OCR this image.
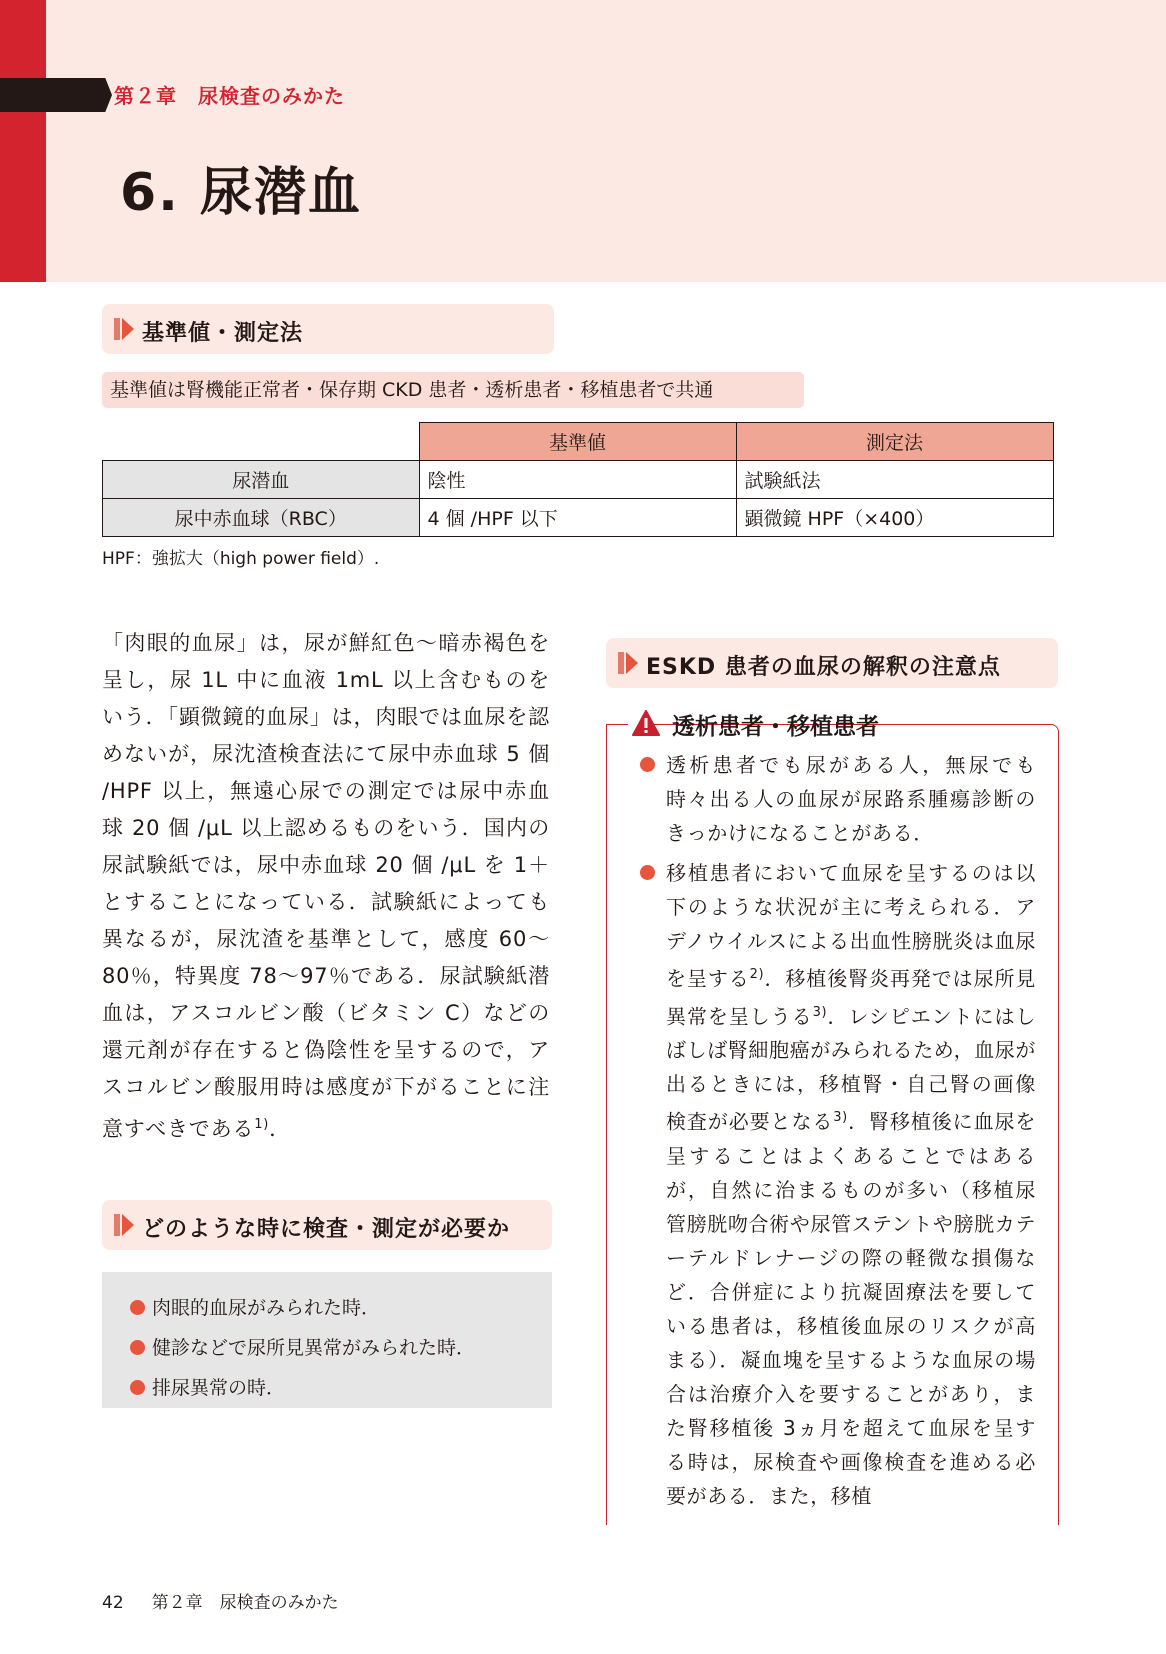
第２章　尿検査のみかた
6. 尿潜血
基準値・測定法
基準値は腎機能正常者・保存期 CKD 患者・透析患者・移植患者で共通
	基準値	測定法
尿潜血	陰性	試験紙法
尿中赤血球（RBC）	4 個 /HPF 以下	顕微鏡 HPF（×400）
HPF：強拡大（high power field）.
「肉眼的血尿」は，尿が鮮紅色～暗赤褐色を呈し，尿 1L 中に血液 1mL 以上含むものをいう．「顕微鏡的血尿」は，肉眼では血尿を認めないが，尿沈渣検査法にて尿中赤血球 5 個 /HPF 以上，無遠心尿での測定では尿中赤血球 20 個 /μL 以上認めるものをいう．国内の尿試験紙では，尿中赤血球 20 個 /μL を 1＋とすることになっている．試験紙によっても異なるが，尿沈渣を基準として，感度 60～80％，特異度 78～97％である．尿試験紙潜血は，アスコルビン酸（ビタミン C）などの還元剤が存在すると偽陰性を呈するので，アスコルビン酸服用時は感度が下がることに注意すべきである$^{1)}$．
どのような時に検査・測定が必要か
肉眼的血尿がみられた時．
健診などで尿所見異常がみられた時．
排尿異常の時．
ESKD 患者の血尿の解釈の注意点
透析患者・移植患者
透析患者でも尿がある人，無尿でも時々出る人の血尿が尿路系腫瘍診断のきっかけになることがある．
移植患者において血尿を呈するのは以下のような状況が主に考えられる．アデノウイルスによる出血性膀胱炎は血尿を呈する$^{2)}$．移植後腎炎再発では尿所見異常を呈しうる$^{3)}$．レシピエントにはしばしば腎細胞癌がみられるため，血尿が出るときには，移植腎・自己腎の画像検査が必要となる$^{3)}$．腎移植後に血尿を呈することはよくあることではあるが，自然に治まるものが多い（移植尿管膀胱吻合術や尿管ステントや膀胱カテーテルドレナージの際の軽微な損傷など．合併症により抗凝固療法を要している患者は，移植後血尿のリスクが高まる）．凝血塊を呈するような血尿の場合は治療介入を要することがあり，また腎移植後 3ヵ月を超えて血尿を呈する時は，尿検査や画像検査を進める必要がある．また，移植
42 第２章　尿検査のみかた
